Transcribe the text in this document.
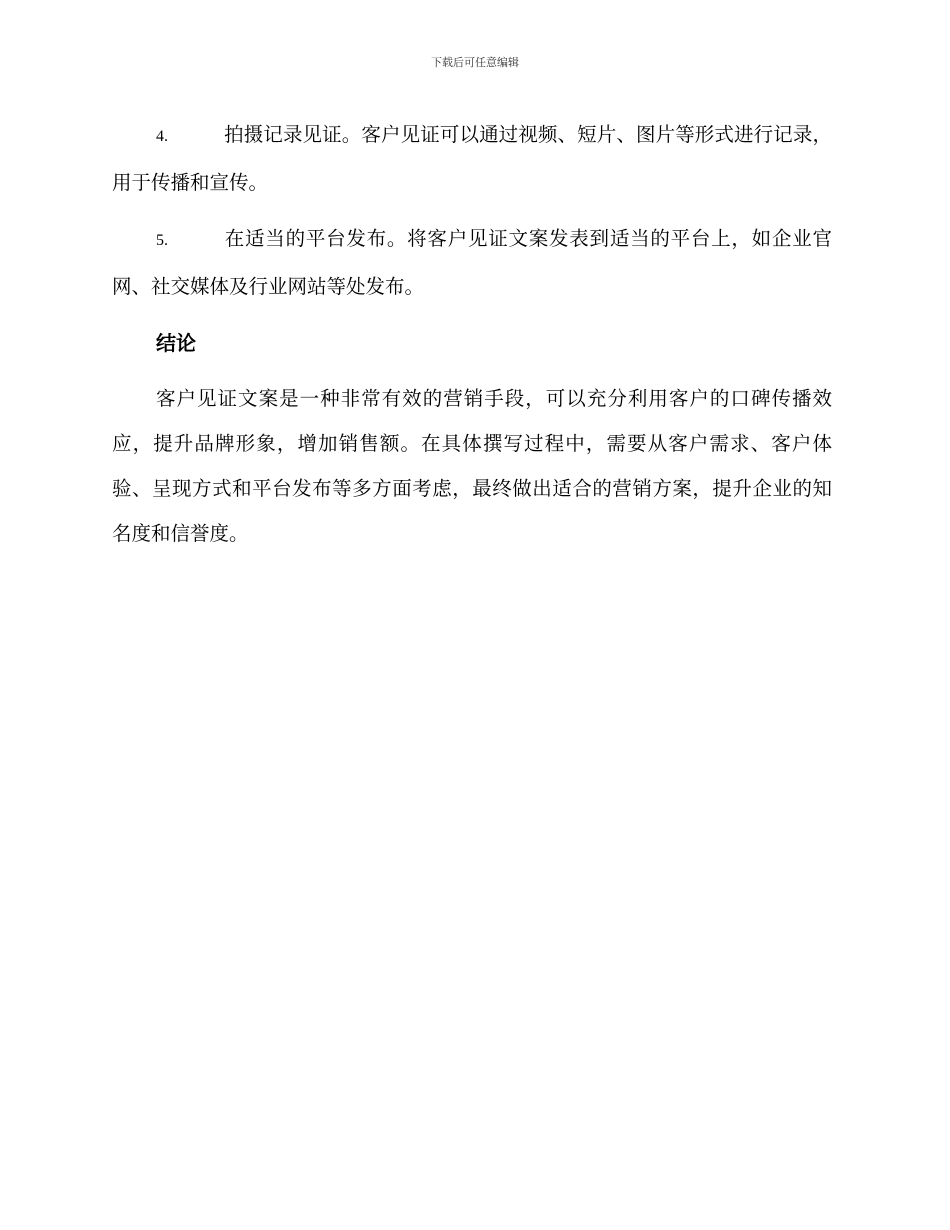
下载后可任意编辑

4.	拍摄记录见证。客户见证可以通过视频、短片、图片等形式进行记录，用于传播和宣传。

5.	在适当的平台发布。将客户见证文案发表到适当的平台上，如企业官网、社交媒体及行业网站等处发布。

结论

客户见证文案是一种非常有效的营销手段，可以充分利用客户的口碑传播效应，提升品牌形象，增加销售额。在具体撰写过程中，需要从客户需求、客户体验、呈现方式和平台发布等多方面考虑，最终做出适合的营销方案，提升企业的知名度和信誉度。
